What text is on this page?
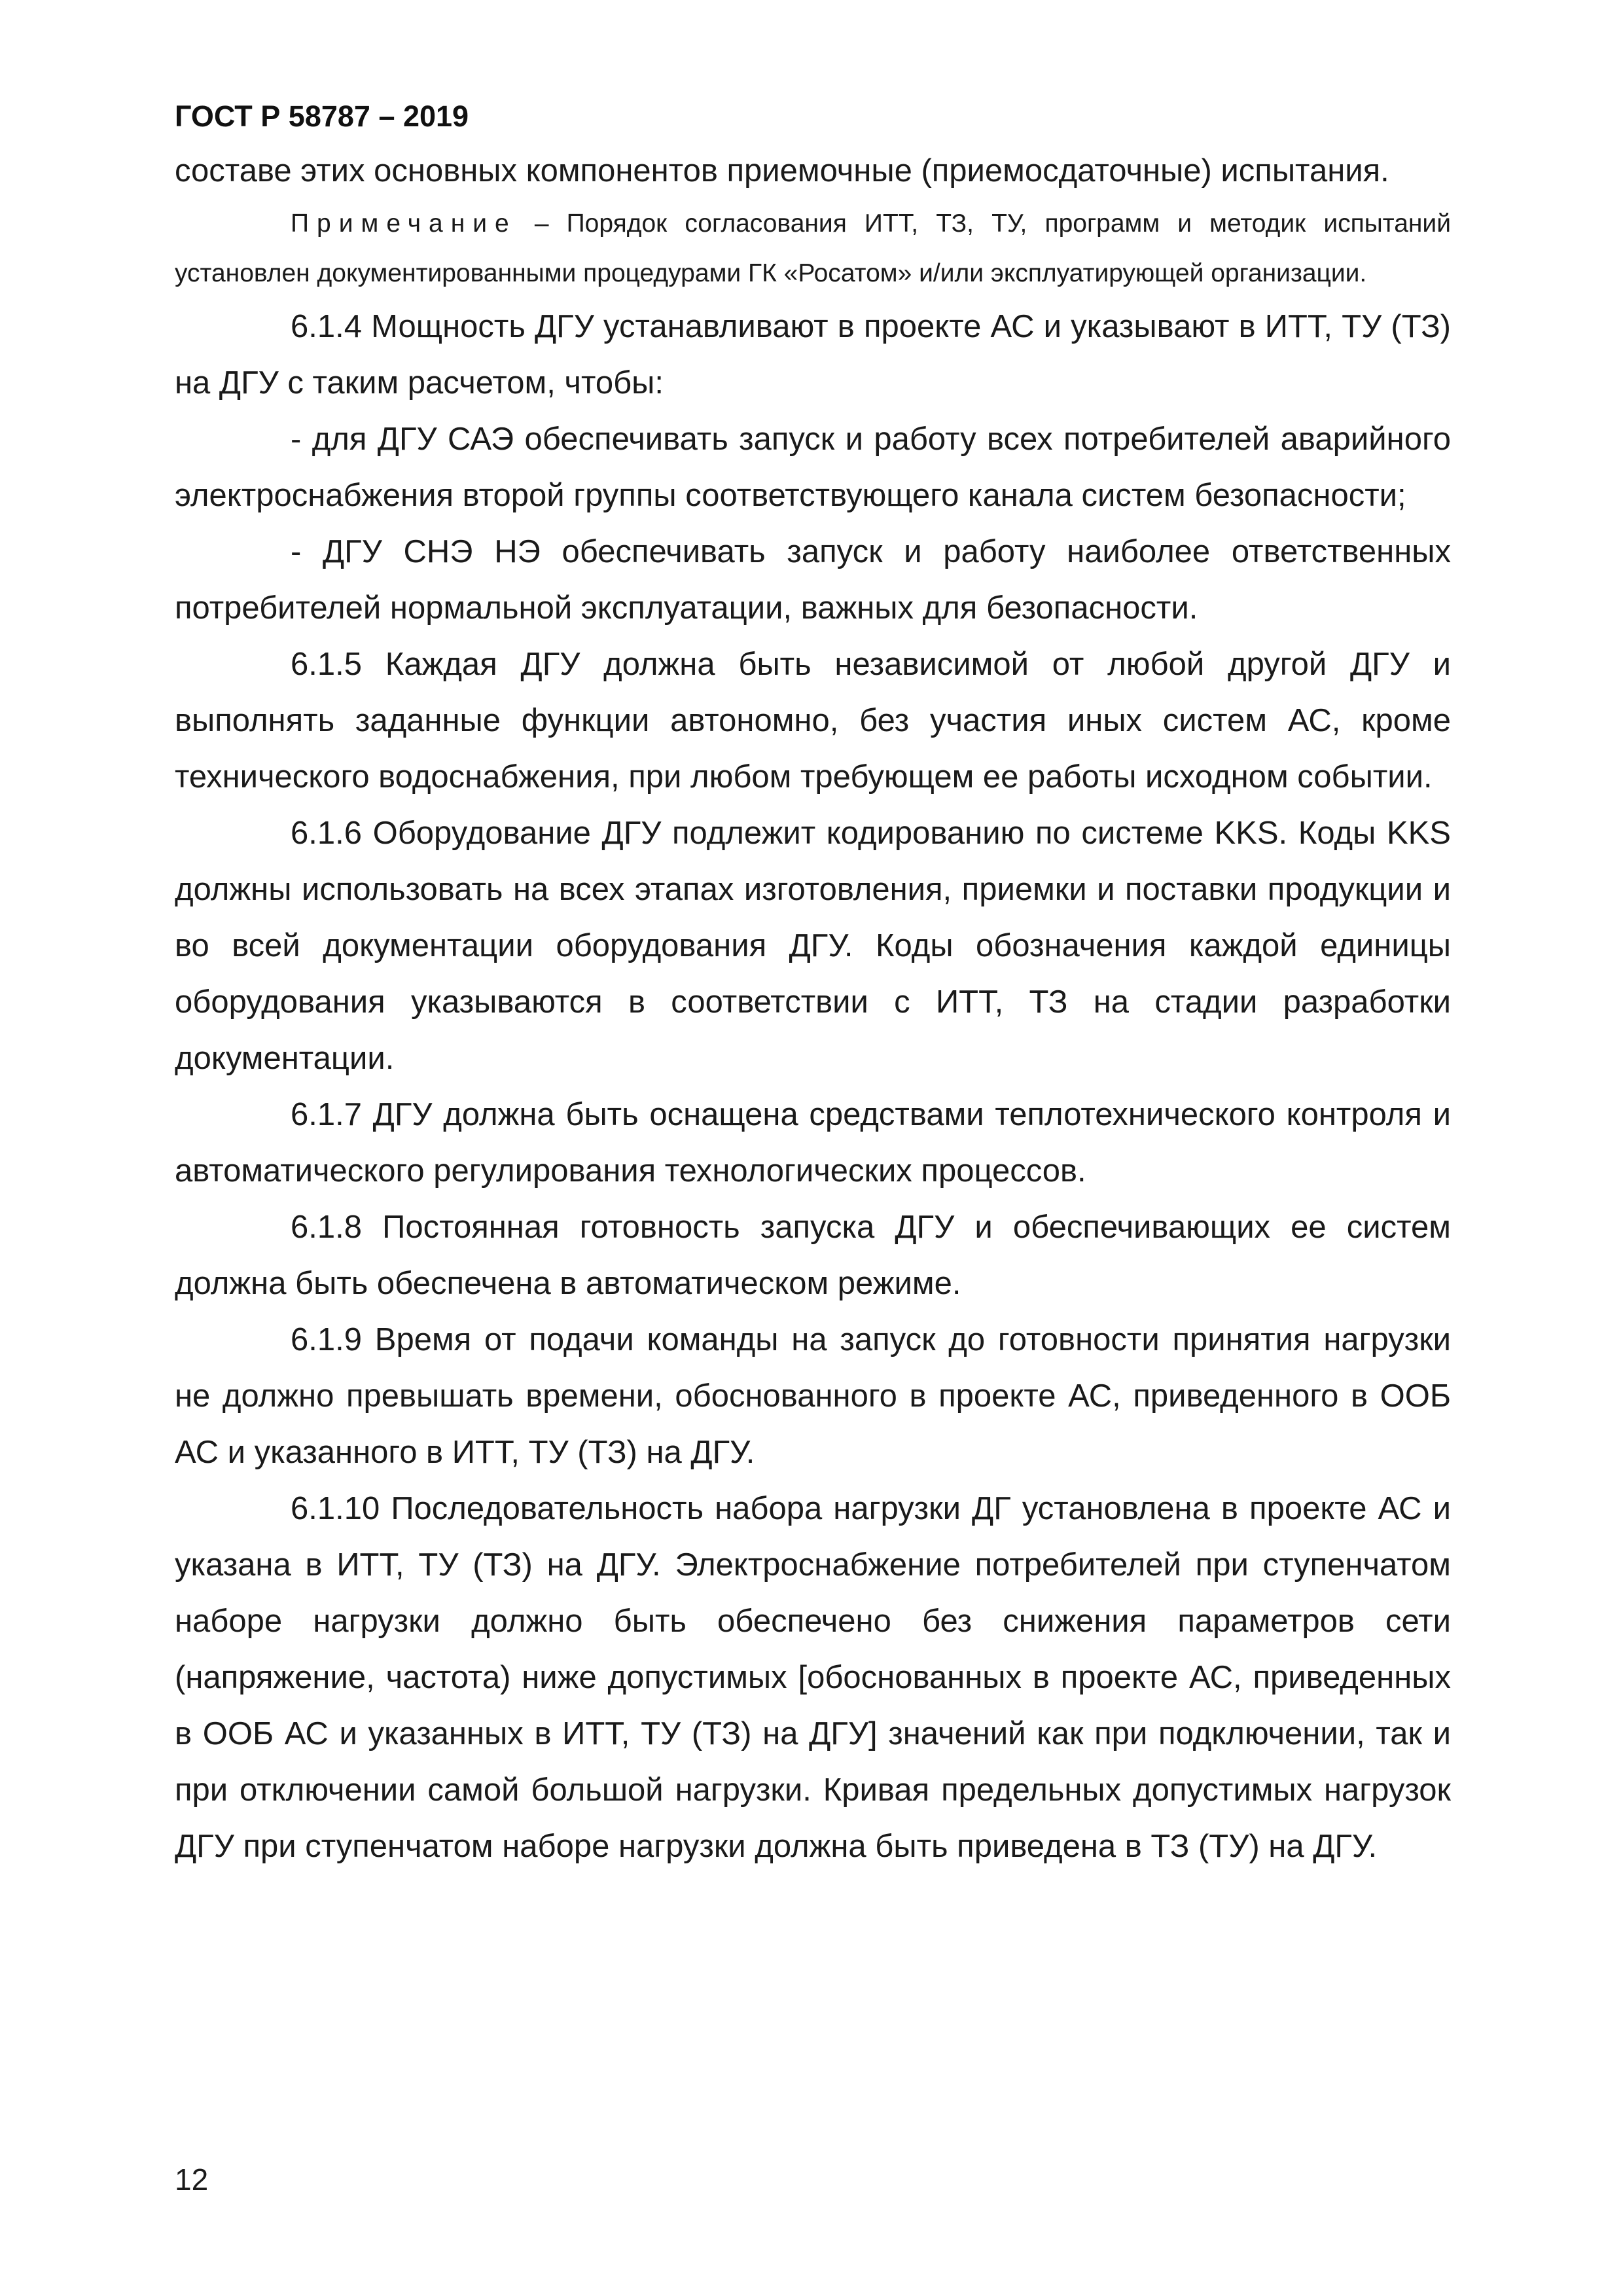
ГОСТ Р 58787 – 2019

составе этих основных компонентов приемочные (приемосдаточные) испытания.

Примечание – Порядок согласования ИТТ, ТЗ, ТУ, программ и методик испытаний установлен документированными процедурами ГК «Росатом» и/или эксплуатирующей организации.

6.1.4 Мощность ДГУ устанавливают в проекте АС и указывают в ИТТ, ТУ (ТЗ) на ДГУ с таким расчетом, чтобы:

- для ДГУ САЭ обеспечивать запуск и работу всех потребителей аварийного электроснабжения второй группы соответствующего канала систем безопасности;

- ДГУ СНЭ НЭ обеспечивать запуск и работу наиболее ответственных потребителей нормальной эксплуатации, важных для безопасности.

6.1.5 Каждая ДГУ должна быть независимой от любой другой ДГУ и выполнять заданные функции автономно, без участия иных систем АС, кроме технического водоснабжения, при любом требующем ее работы исходном событии.

6.1.6 Оборудование ДГУ подлежит кодированию по системе KKS. Коды KKS должны использовать на всех этапах изготовления, приемки и поставки продукции и во всей документации оборудования ДГУ. Коды обозначения каждой единицы оборудования указываются в соответствии с ИТТ, ТЗ на стадии разработки документации.

6.1.7 ДГУ должна быть оснащена средствами теплотехнического контроля и автоматического регулирования технологических процессов.

6.1.8 Постоянная готовность запуска ДГУ и обеспечивающих ее систем должна быть обеспечена в автоматическом режиме.

6.1.9 Время от подачи команды на запуск до готовности принятия нагрузки не должно превышать времени, обоснованного в проекте АС, приведенного в ООБ АС и указанного в ИТТ, ТУ (ТЗ) на ДГУ.

6.1.10 Последовательность набора нагрузки ДГ установлена в проекте АС и указана в ИТТ, ТУ (ТЗ) на ДГУ. Электроснабжение потребителей при ступенчатом наборе нагрузки должно быть обеспечено без снижения параметров сети (напряжение, частота) ниже допустимых [обоснованных в проекте АС, приведенных в ООБ АС и указанных в ИТТ, ТУ (ТЗ) на ДГУ] значений как при подключении, так и при отключении самой большой нагрузки. Кривая предельных допустимых нагрузок ДГУ при ступенчатом наборе нагрузки должна быть приведена в ТЗ (ТУ) на ДГУ.

12
